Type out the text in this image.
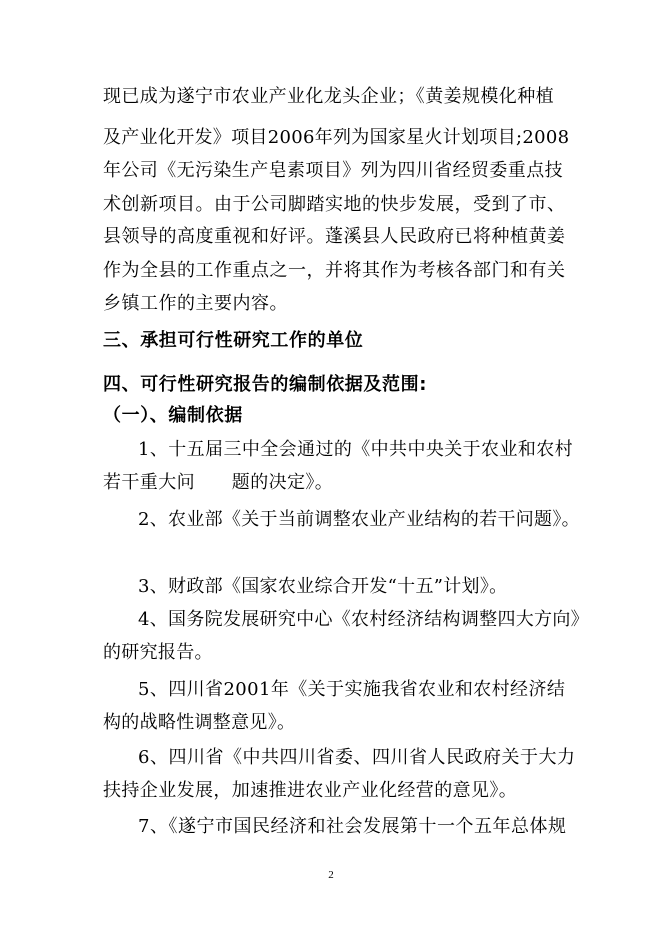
现已成为遂宁市农业产业化龙头企业；《黄姜规模化种植
及产业化开发》项目2006年列为国家星火计划项目;2008
年公司《无污染生产皂素项目》列为四川省经贸委重点技
术创新项目。由于公司脚踏实地的快步发展，受到了市、
县领导的高度重视和好评。蓬溪县人民政府已将种植黄姜
作为全县的工作重点之一，并将其作为考核各部门和有关
乡镇工作的主要内容。
三、承担可行性研究工作的单位
四、可行性研究报告的编制依据及范围:
（一）、编制依据
1、十五届三中全会通过的《中共中央关于农业和农村
若干重大问　　题的决定》。
2、农业部《关于当前调整农业产业结构的若干问题》。
3、财政部《国家农业综合开发“十五”计划》。
4、国务院发展研究中心《农村经济结构调整四大方向》
的研究报告。
5、四川省2001年《关于实施我省农业和农村经济结
构的战略性调整意见》。
6、四川省《中共四川省委、四川省人民政府关于大力
扶持企业发展，加速推进农业产业化经营的意见》。
7、《遂宁市国民经济和社会发展第十一个五年总体规
2
